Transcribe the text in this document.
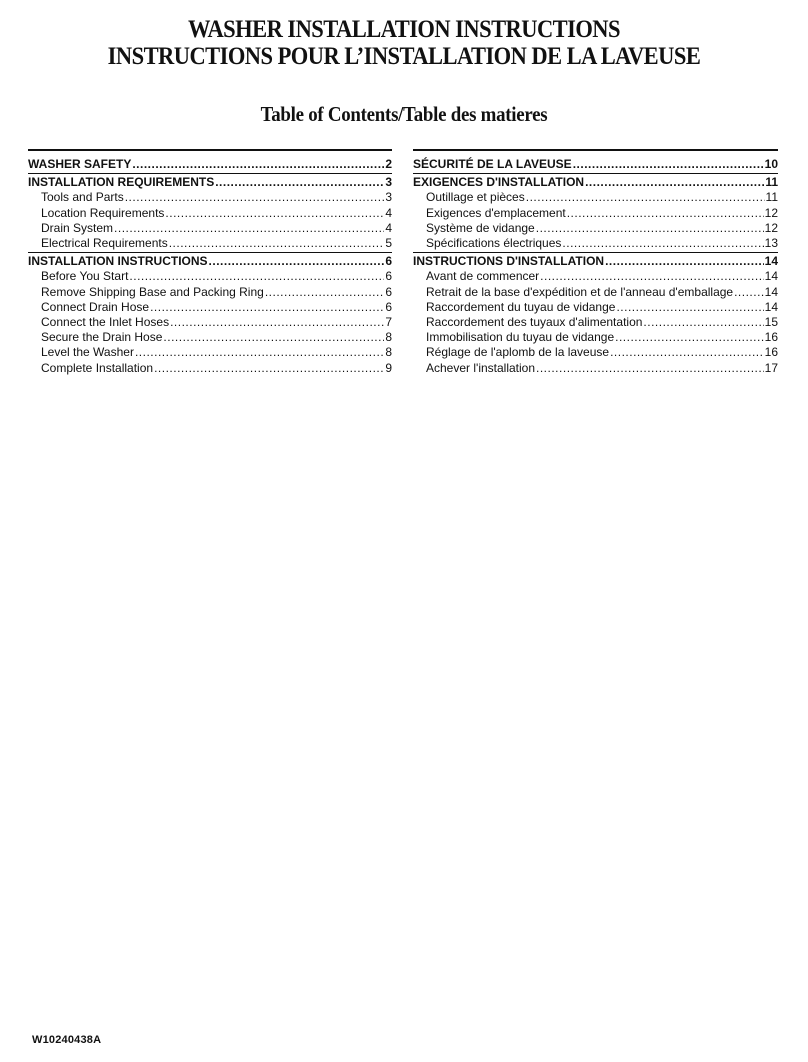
WASHER INSTALLATION INSTRUCTIONS
INSTRUCTIONS POUR L’INSTALLATION DE LA LAVEUSE
Table of Contents/Table des matieres
WASHER SAFETY .....	2
INSTALLATION REQUIREMENTS .....	3
Tools and Parts .....	3
Location Requirements .....	4
Drain System .....	4
Electrical Requirements .....	5
INSTALLATION INSTRUCTIONS .....	6
Before You Start .....	6
Remove Shipping Base and Packing Ring .....	6
Connect Drain Hose .....	6
Connect the Inlet Hoses .....	7
Secure the Drain Hose .....	8
Level the Washer .....	8
Complete Installation .....	9
SÉCURITÉ DE LA LAVEUSE .....	10
EXIGENCES D'INSTALLATION .....	11
Outillage et pièces .....	11
Exigences d'emplacement .....	12
Système de vidange .....	12
Spécifications électriques .....	13
INSTRUCTIONS D'INSTALLATION .....	14
Avant de commencer .....	14
Retrait de la base d'expédition et de l'anneau d'emballage .....	14
Raccordement du tuyau de vidange .....	14
Raccordement des tuyaux d'alimentation .....	15
Immobilisation du tuyau de vidange .....	16
Réglage de l'aplomb de la laveuse .....	16
Achever l'installation .....	17
W10240438A
